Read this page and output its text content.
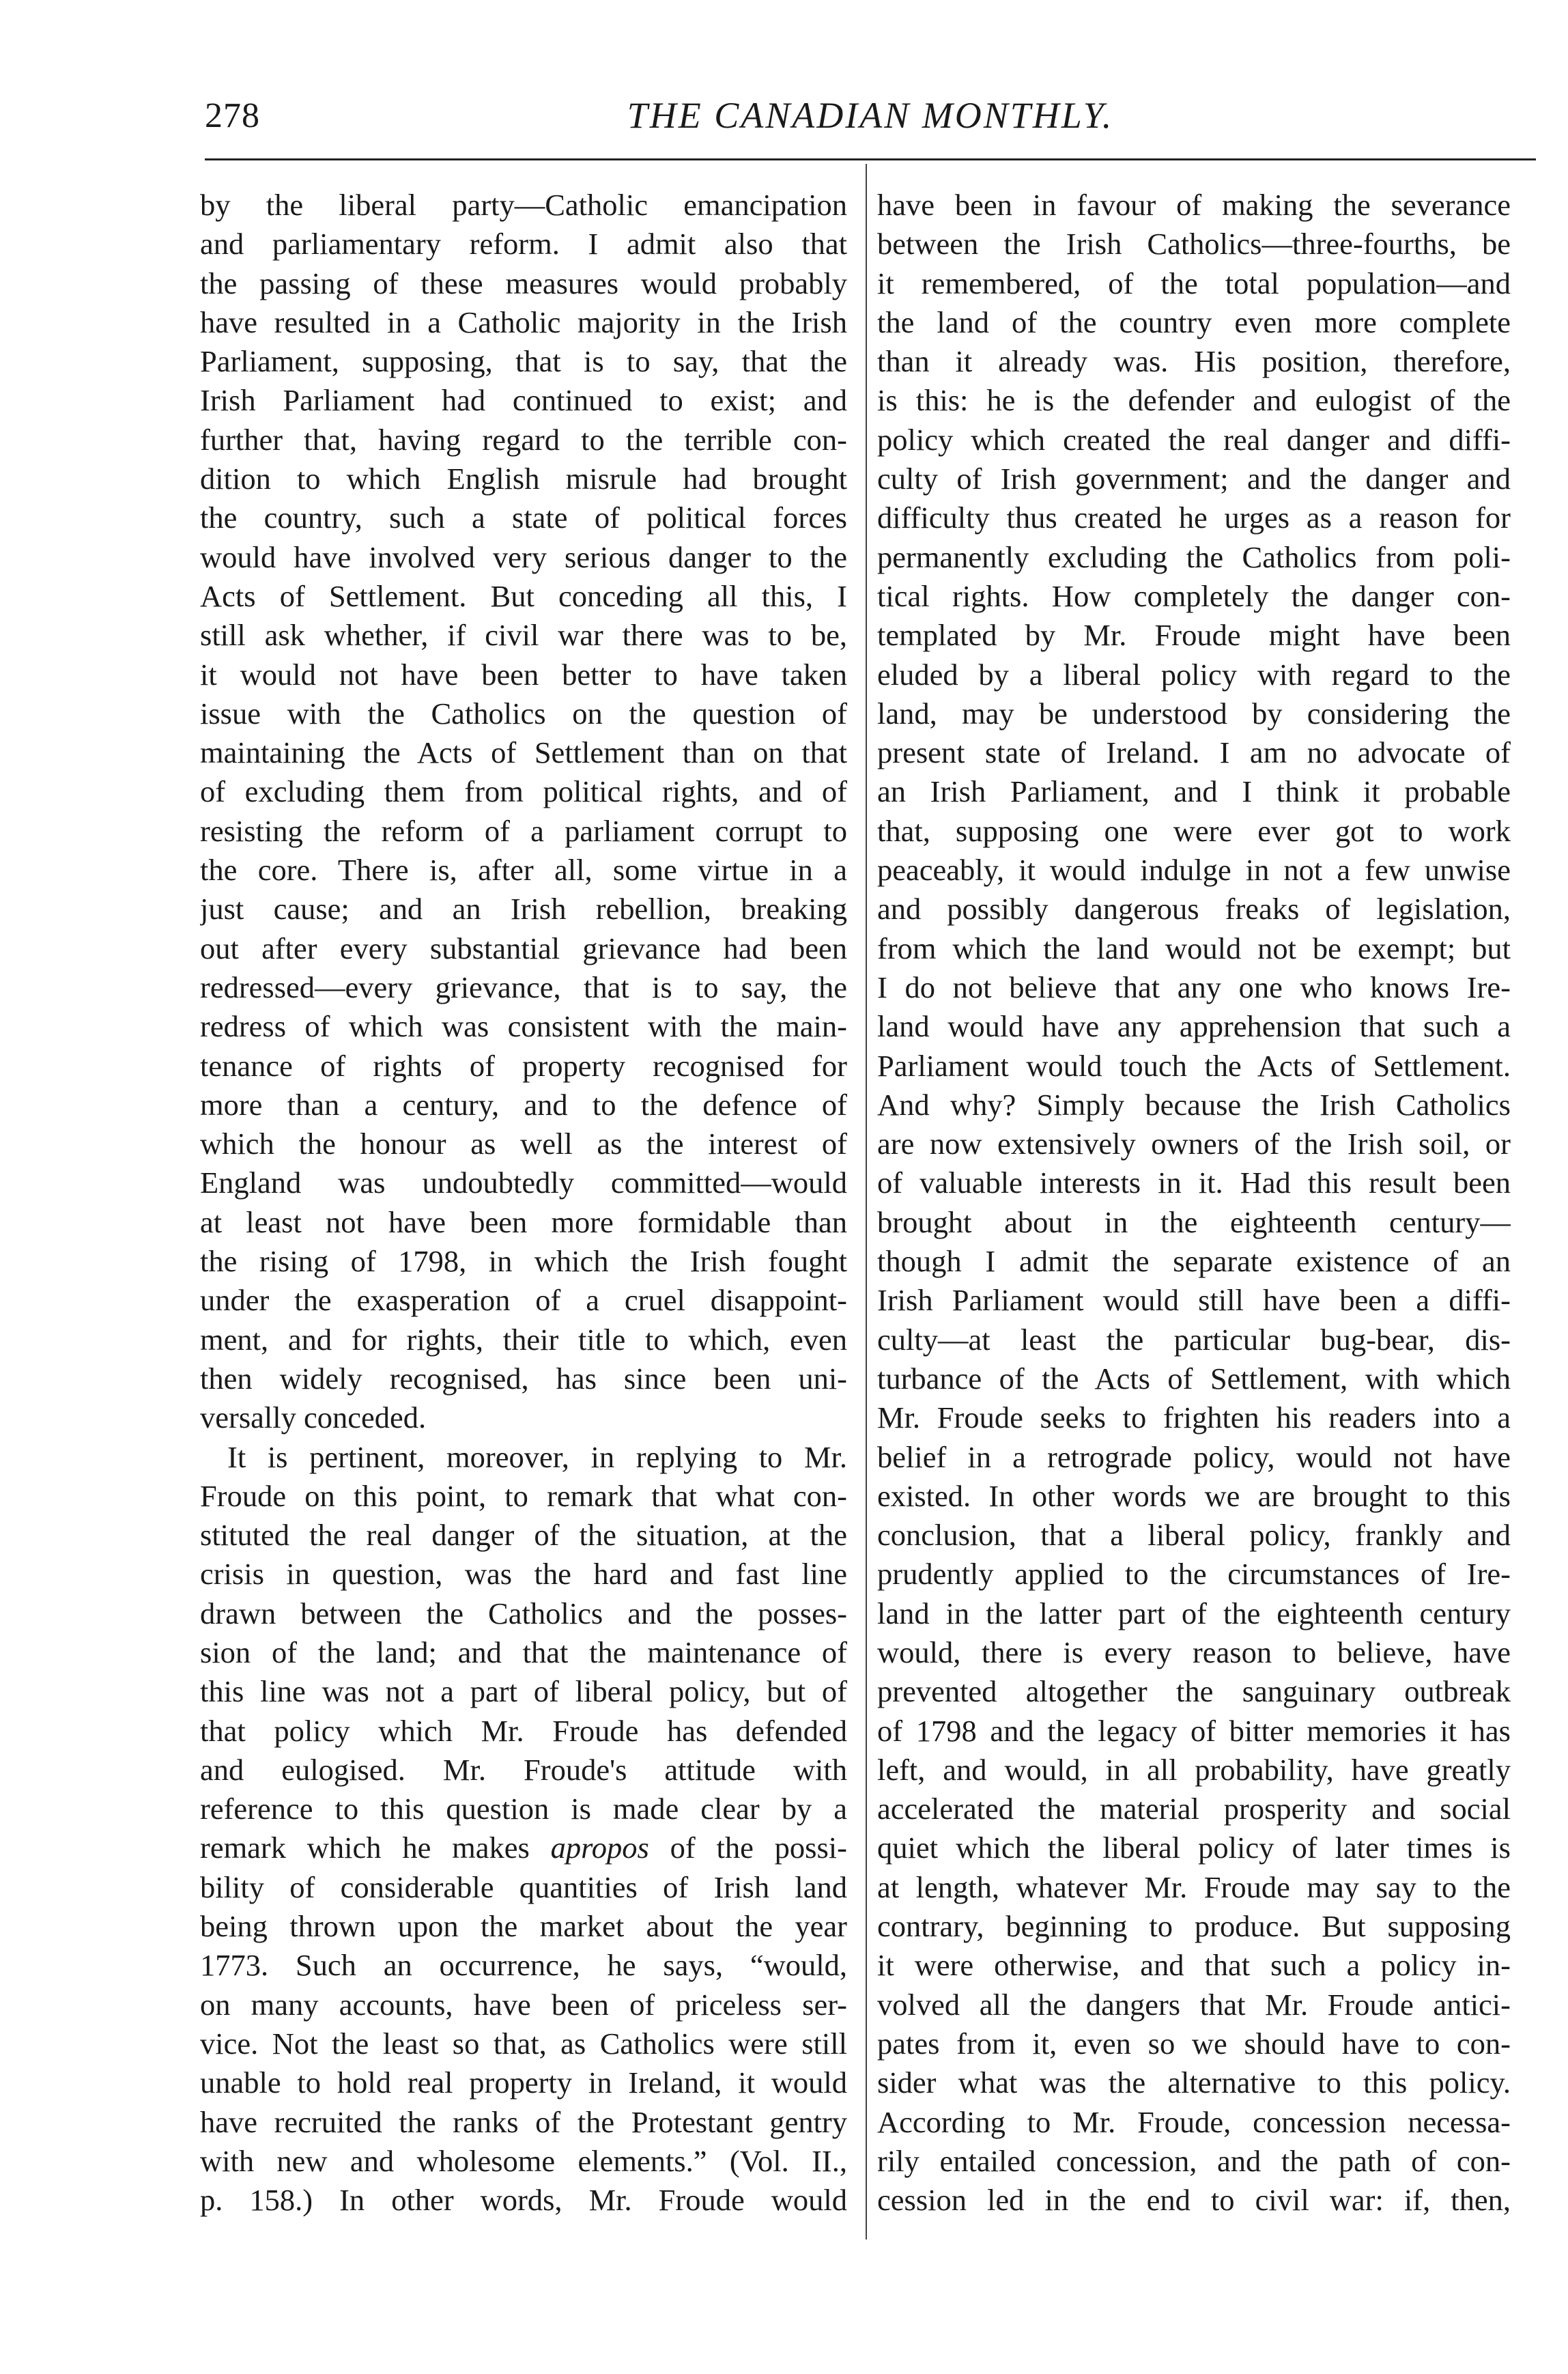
278	THE CANADIAN MONTHLY.
by the liberal party—Catholic emancipation
and parliamentary reform. I admit also that
the passing of these measures would probably
have resulted in a Catholic majority in the Irish
Parliament, supposing, that is to say, that the
Irish Parliament had continued to exist; and
further that, having regard to the terrible con-
dition to which English misrule had brought
the country, such a state of political forces
would have involved very serious danger to the
Acts of Settlement. But conceding all this, I
still ask whether, if civil war there was to be,
it would not have been better to have taken
issue with the Catholics on the question of
maintaining the Acts of Settlement than on that
of excluding them from political rights, and of
resisting the reform of a parliament corrupt to
the core. There is, after all, some virtue in a
just cause; and an Irish rebellion, breaking
out after every substantial grievance had been
redressed—every grievance, that is to say, the
redress of which was consistent with the main-
tenance of rights of property recognised for
more than a century, and to the defence of
which the honour as well as the interest of
England was undoubtedly committed—would
at least not have been more formidable than
the rising of 1798, in which the Irish fought
under the exasperation of a cruel disappoint-
ment, and for rights, their title to which, even
then widely recognised, has since been uni-
versally conceded.
It is pertinent, moreover, in replying to Mr.
Froude on this point, to remark that what con-
stituted the real danger of the situation, at the
crisis in question, was the hard and fast line
drawn between the Catholics and the posses-
sion of the land; and that the maintenance of
this line was not a part of liberal policy, but of
that policy which Mr. Froude has defended
and eulogised. Mr. Froude's attitude with
reference to this question is made clear by a
remark which he makes apropos of the possi-
bility of considerable quantities of Irish land
being thrown upon the market about the year
1773. Such an occurrence, he says, “would,
on many accounts, have been of priceless ser-
vice. Not the least so that, as Catholics were still
unable to hold real property in Ireland, it would
have recruited the ranks of the Protestant gentry
with new and wholesome elements.” (Vol. II.,
p. 158.) In other words, Mr. Froude would
have been in favour of making the severance
between the Irish Catholics—three-fourths, be
it remembered, of the total population—and
the land of the country even more complete
than it already was. His position, therefore,
is this: he is the defender and eulogist of the
policy which created the real danger and diffi-
culty of Irish government; and the danger and
difficulty thus created he urges as a reason for
permanently excluding the Catholics from poli-
tical rights. How completely the danger con-
templated by Mr. Froude might have been
eluded by a liberal policy with regard to the
land, may be understood by considering the
present state of Ireland. I am no advocate of
an Irish Parliament, and I think it probable
that, supposing one were ever got to work
peaceably, it would indulge in not a few unwise
and possibly dangerous freaks of legislation,
from which the land would not be exempt; but
I do not believe that any one who knows Ire-
land would have any apprehension that such a
Parliament would touch the Acts of Settlement.
And why? Simply because the Irish Catholics
are now extensively owners of the Irish soil, or
of valuable interests in it. Had this result been
brought about in the eighteenth century—
though I admit the separate existence of an
Irish Parliament would still have been a diffi-
culty—at least the particular bug-bear, dis-
turbance of the Acts of Settlement, with which
Mr. Froude seeks to frighten his readers into a
belief in a retrograde policy, would not have
existed. In other words we are brought to this
conclusion, that a liberal policy, frankly and
prudently applied to the circumstances of Ire-
land in the latter part of the eighteenth century
would, there is every reason to believe, have
prevented altogether the sanguinary outbreak
of 1798 and the legacy of bitter memories it has
left, and would, in all probability, have greatly
accelerated the material prosperity and social
quiet which the liberal policy of later times is
at length, whatever Mr. Froude may say to the
contrary, beginning to produce. But supposing
it were otherwise, and that such a policy in-
volved all the dangers that Mr. Froude antici-
pates from it, even so we should have to con-
sider what was the alternative to this policy.
According to Mr. Froude, concession necessa-
rily entailed concession, and the path of con-
cession led in the end to civil war: if, then,
